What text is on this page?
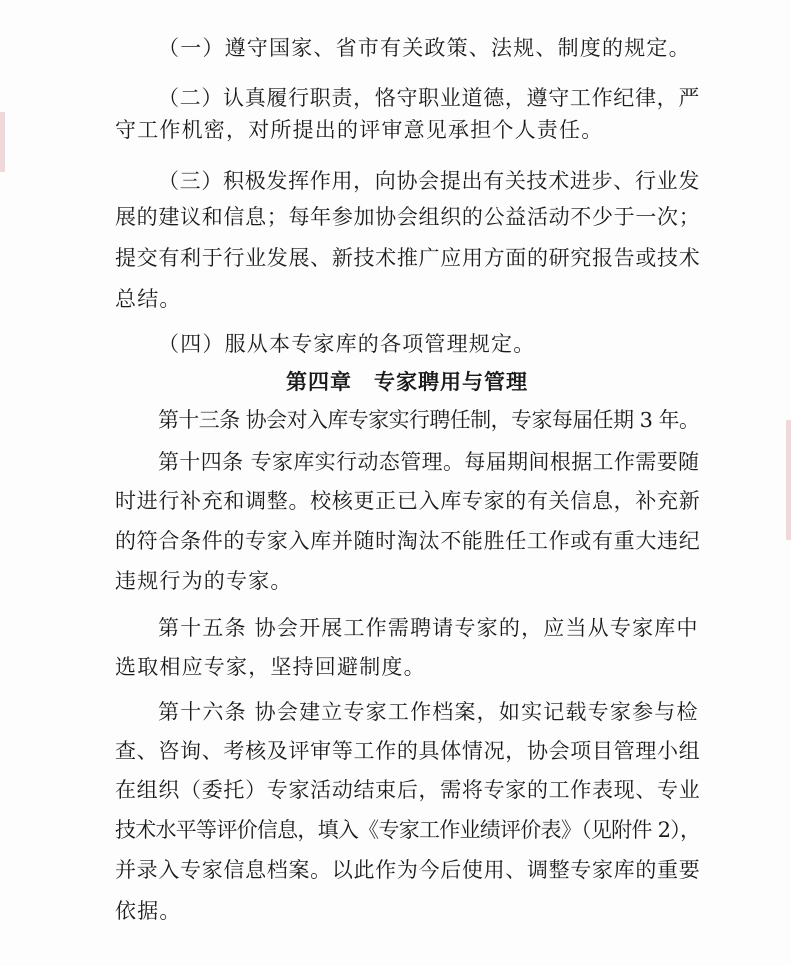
（一）遵守国家、省市有关政策、法规、制度的规定。

（二）认真履行职责，恪守职业道德，遵守工作纪律，严

守工作机密，对所提出的评审意见承担个人责任。

（三）积极发挥作用，向协会提出有关技术进步、行业发

展的建议和信息；每年参加协会组织的公益活动不少于一次；

提交有利于行业发展、新技术推广应用方面的研究报告或技术

总结。

（四）服从本专家库的各项管理规定。

第四章 专家聘用与管理

第十三条 协会对入库专家实行聘任制，专家每届任期 3 年。

第十四条 专家库实行动态管理。每届期间根据工作需要随

时进行补充和调整。校核更正已入库专家的有关信息，补充新

的符合条件的专家入库并随时淘汰不能胜任工作或有重大违纪

违规行为的专家。

第十五条 协会开展工作需聘请专家的，应当从专家库中

选取相应专家，坚持回避制度。

第十六条 协会建立专家工作档案，如实记载专家参与检

查、咨询、考核及评审等工作的具体情况，协会项目管理小组

在组织（委托）专家活动结束后，需将专家的工作表现、专业

技术水平等评价信息，填入《专家工作业绩评价表》（见附件 2），

并录入专家信息档案。以此作为今后使用、调整专家库的重要

依据。
